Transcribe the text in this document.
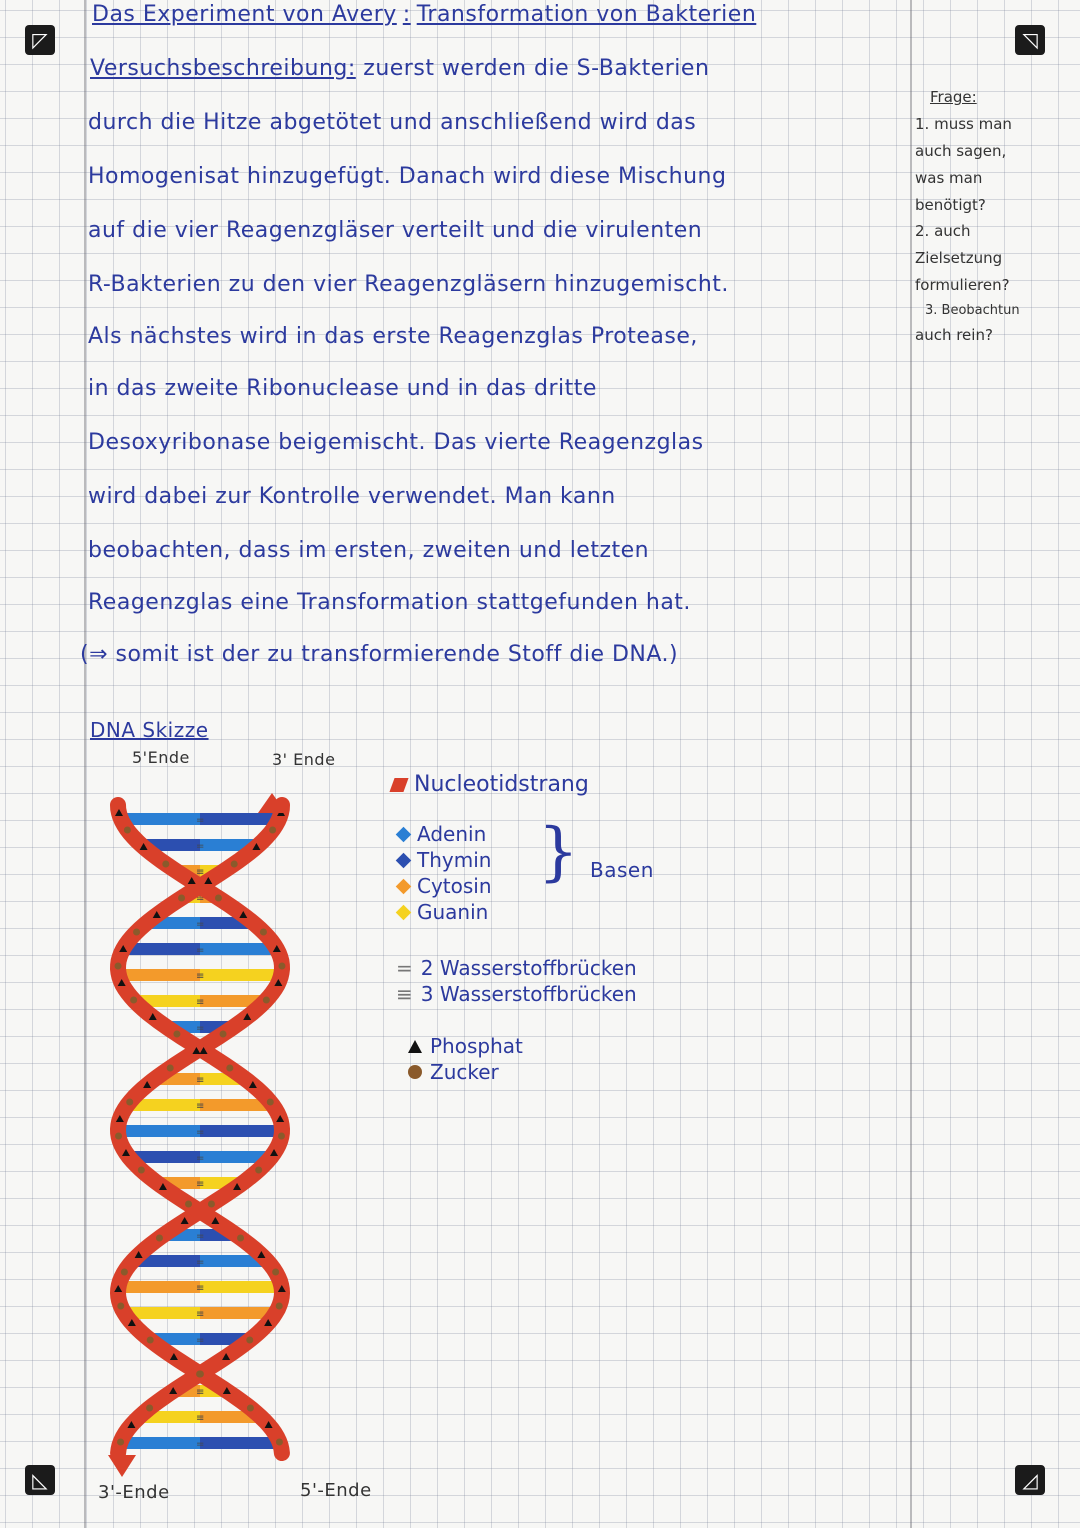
◸	◹
◺	◿
Das Experiment von Avery : Transformation von Bakterien
Versuchsbeschreibung: zuerst werden die S-Bakterien
durch die Hitze abgetötet und anschließend wird das
Homogenisat hinzugefügt. Danach wird diese Mischung
auf die vier Reagenzgläser verteilt und die virulenten
R-Bakterien zu den vier Reagenzgläsern hinzugemischt.
Als nächstes wird in das erste Reagenzglas Protease,
in das zweite Ribonuclease und in das dritte
Desoxyribonase beigemischt. Das vierte Reagenzglas
wird dabei zur Kontrolle verwendet. Man kann
beobachten, dass im ersten, zweiten und letzten
Reagenzglas eine Transformation stattgefunden hat.
(⇒ somit ist der zu transformierende Stoff die DNA.)
Frage:
1. muss man
auch sagen,
was man
benötigt?
2. auch
Zielsetzung
formulieren?
3. Beobachtun
auch rein?
DNA Skizze
5'Ende	3' Ende
3'-Ende	5'-Ende
=
=
≡
≡
=
=
≡
≡
=
≡
≡
=
=
≡
=
=
≡
≡
=
≡
≡
=
Nucleotidstrang
Adenin
Thymin
Cytosin
Guanin
} Basen
= 2 Wasserstoffbrücken
≡ 3 Wasserstoffbrücken
Phosphat
Zucker
